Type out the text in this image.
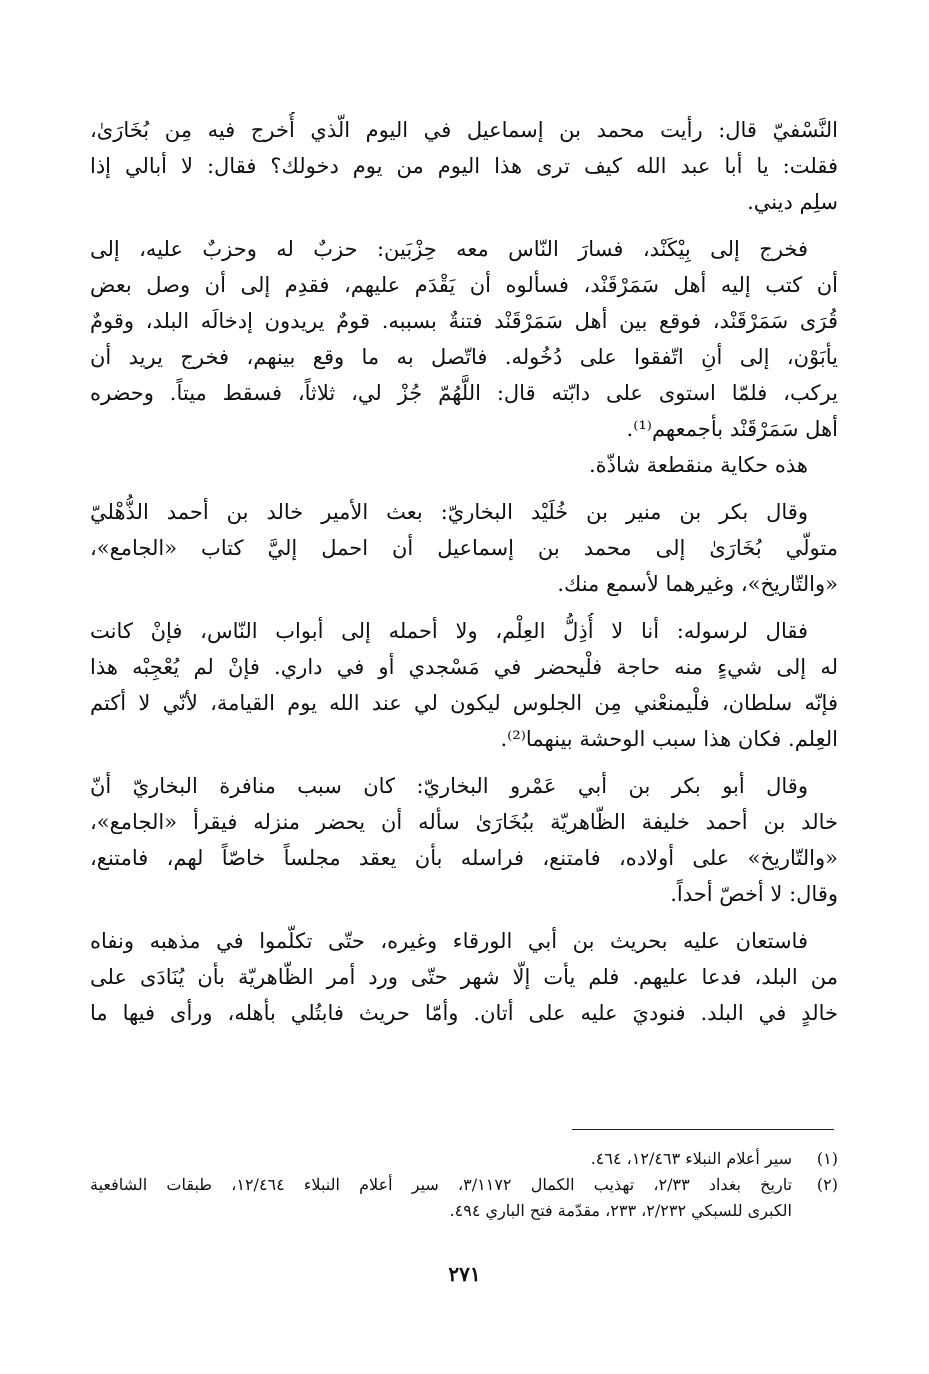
النَّسْفيّ قال: رأيت محمد بن إسماعيل في اليوم الّذي أُخرج فيه مِن بُخَارَىٰ،
فقلت: يا أبا عبد الله كيف ترى هذا اليوم من يوم دخولك؟ فقال: لا أبالي إذا
سلِم ديني.
فخرج إلى بِيْكَنْد، فسارَ النّاس معه حِزْبَين: حزبٌ له وحزبٌ عليه، إلى
أن كتب إليه أهل سَمَرْقَنْد، فسألوه أن يَقْدَم عليهم، فقدِم إلى أن وصل بعض
قُرَى سَمَرْقَنْد، فوقع بين أهل سَمَرْقَنْد فتنةٌ بسببه. قومٌ يريدون إدخالَه البلد، وقومٌ
يأبَوْن، إلى أنِ اتّفقوا على دُخُوله. فاتّصل به ما وقع بينهم، فخرج يريد أن
يركب، فلمّا استوى على دابّته قال: اللَّهُمّ جُزْ لي، ثلاثاً، فسقط ميتاً. وحضره
أهل سَمَرْقَنْد بأجمعهم⁽¹⁾.
هذه حكاية منقطعة شاذّة.
وقال بكر بن منير بن خُلَيْد البخاريّ: بعث الأمير خالد بن أحمد الذُّهْليّ
متولّي بُخَارَىٰ إلى محمد بن إسماعيل أن احمل إليَّ كتاب «الجامع»،
«والتّاريخ»، وغيرهما لأسمع منك.
فقال لرسوله: أنا لا أُذِلُّ العِلْم، ولا أحمله إلى أبواب النّاس، فإنْ كانت
له إلى شيءٍ منه حاجة فلْيحضر في مَسْجدي أو في داري. فإنْ لم يُعْجِبْه هذا
فإنّه سلطان، فلْيمنعْني مِن الجلوس ليكون لي عند الله يوم القيامة، لأنّي لا أكتم
العِلم. فكان هذا سبب الوحشة بينهما⁽²⁾.
وقال أبو بكر بن أبي عَمْرو البخاريّ: كان سبب منافرة البخاريّ أنّ
خالد بن أحمد خليفة الظّاهريّة ببُخَارَىٰ سأله أن يحضر منزله فيقرأ «الجامع»،
«والتّاريخ» على أولاده، فامتنع، فراسله بأن يعقد مجلساً خاصّاً لهم، فامتنع،
وقال: لا أخصّ أحداً.
فاستعان عليه بحريث بن أبي الورقاء وغيره، حتّى تكلّموا في مذهبه ونفاه
من البلد، فدعا عليهم. فلم يأت إلّا شهر حتّى ورد أمر الظّاهريّة بأن يُنَادَى على
خالدٍ في البلد. فنوديَ عليه على أتان. وأمّا حريث فابتُلي بأهله، ورأى فيها ما
(١)
سير أعلام النبلاء ١٢/٤٦٣، ٤٦٤.
(٢)
تاريخ بغداد ٢/٣٣، تهذيب الكمال ٣/١١٧٢، سير أعلام النبلاء ١٢/٤٦٤، طبقات الشافعية
الكبرى للسبكي ٢/٢٣٢، ٢٣٣، مقدّمة فتح الباري ٤٩٤.
٢٧١
